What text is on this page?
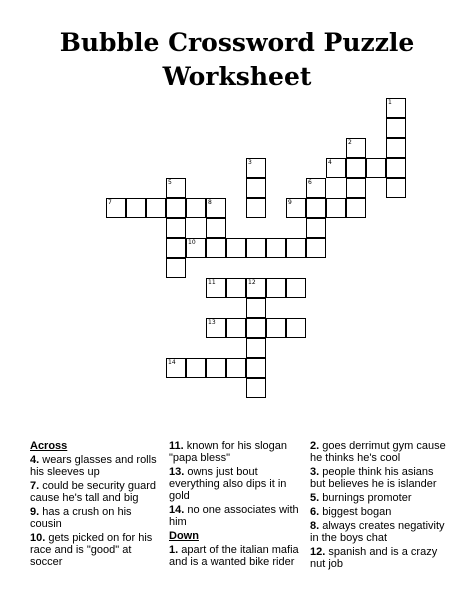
Bubble Crossword Puzzle
Worksheet
1
2
4
3
5	6
7	8	9
10
11	12
13
14
Across
4. wears glasses and rolls his sleeves up
7. could be security guard cause he's tall and big
9. has a crush on his cousin
10. gets picked on for his race and is "good" at soccer
11. known for his slogan "papa bless"
13. owns just bout everything also dips it in gold
14. no one associates with him
Down
1. apart of the italian mafia and is a wanted bike rider
2. goes derrimut gym cause he thinks he's cool
3. people think his asians but believes he is islander
5. burnings promoter
6. biggest bogan
8. always creates negativity in the boys chat
12. spanish and is a crazy nut job
